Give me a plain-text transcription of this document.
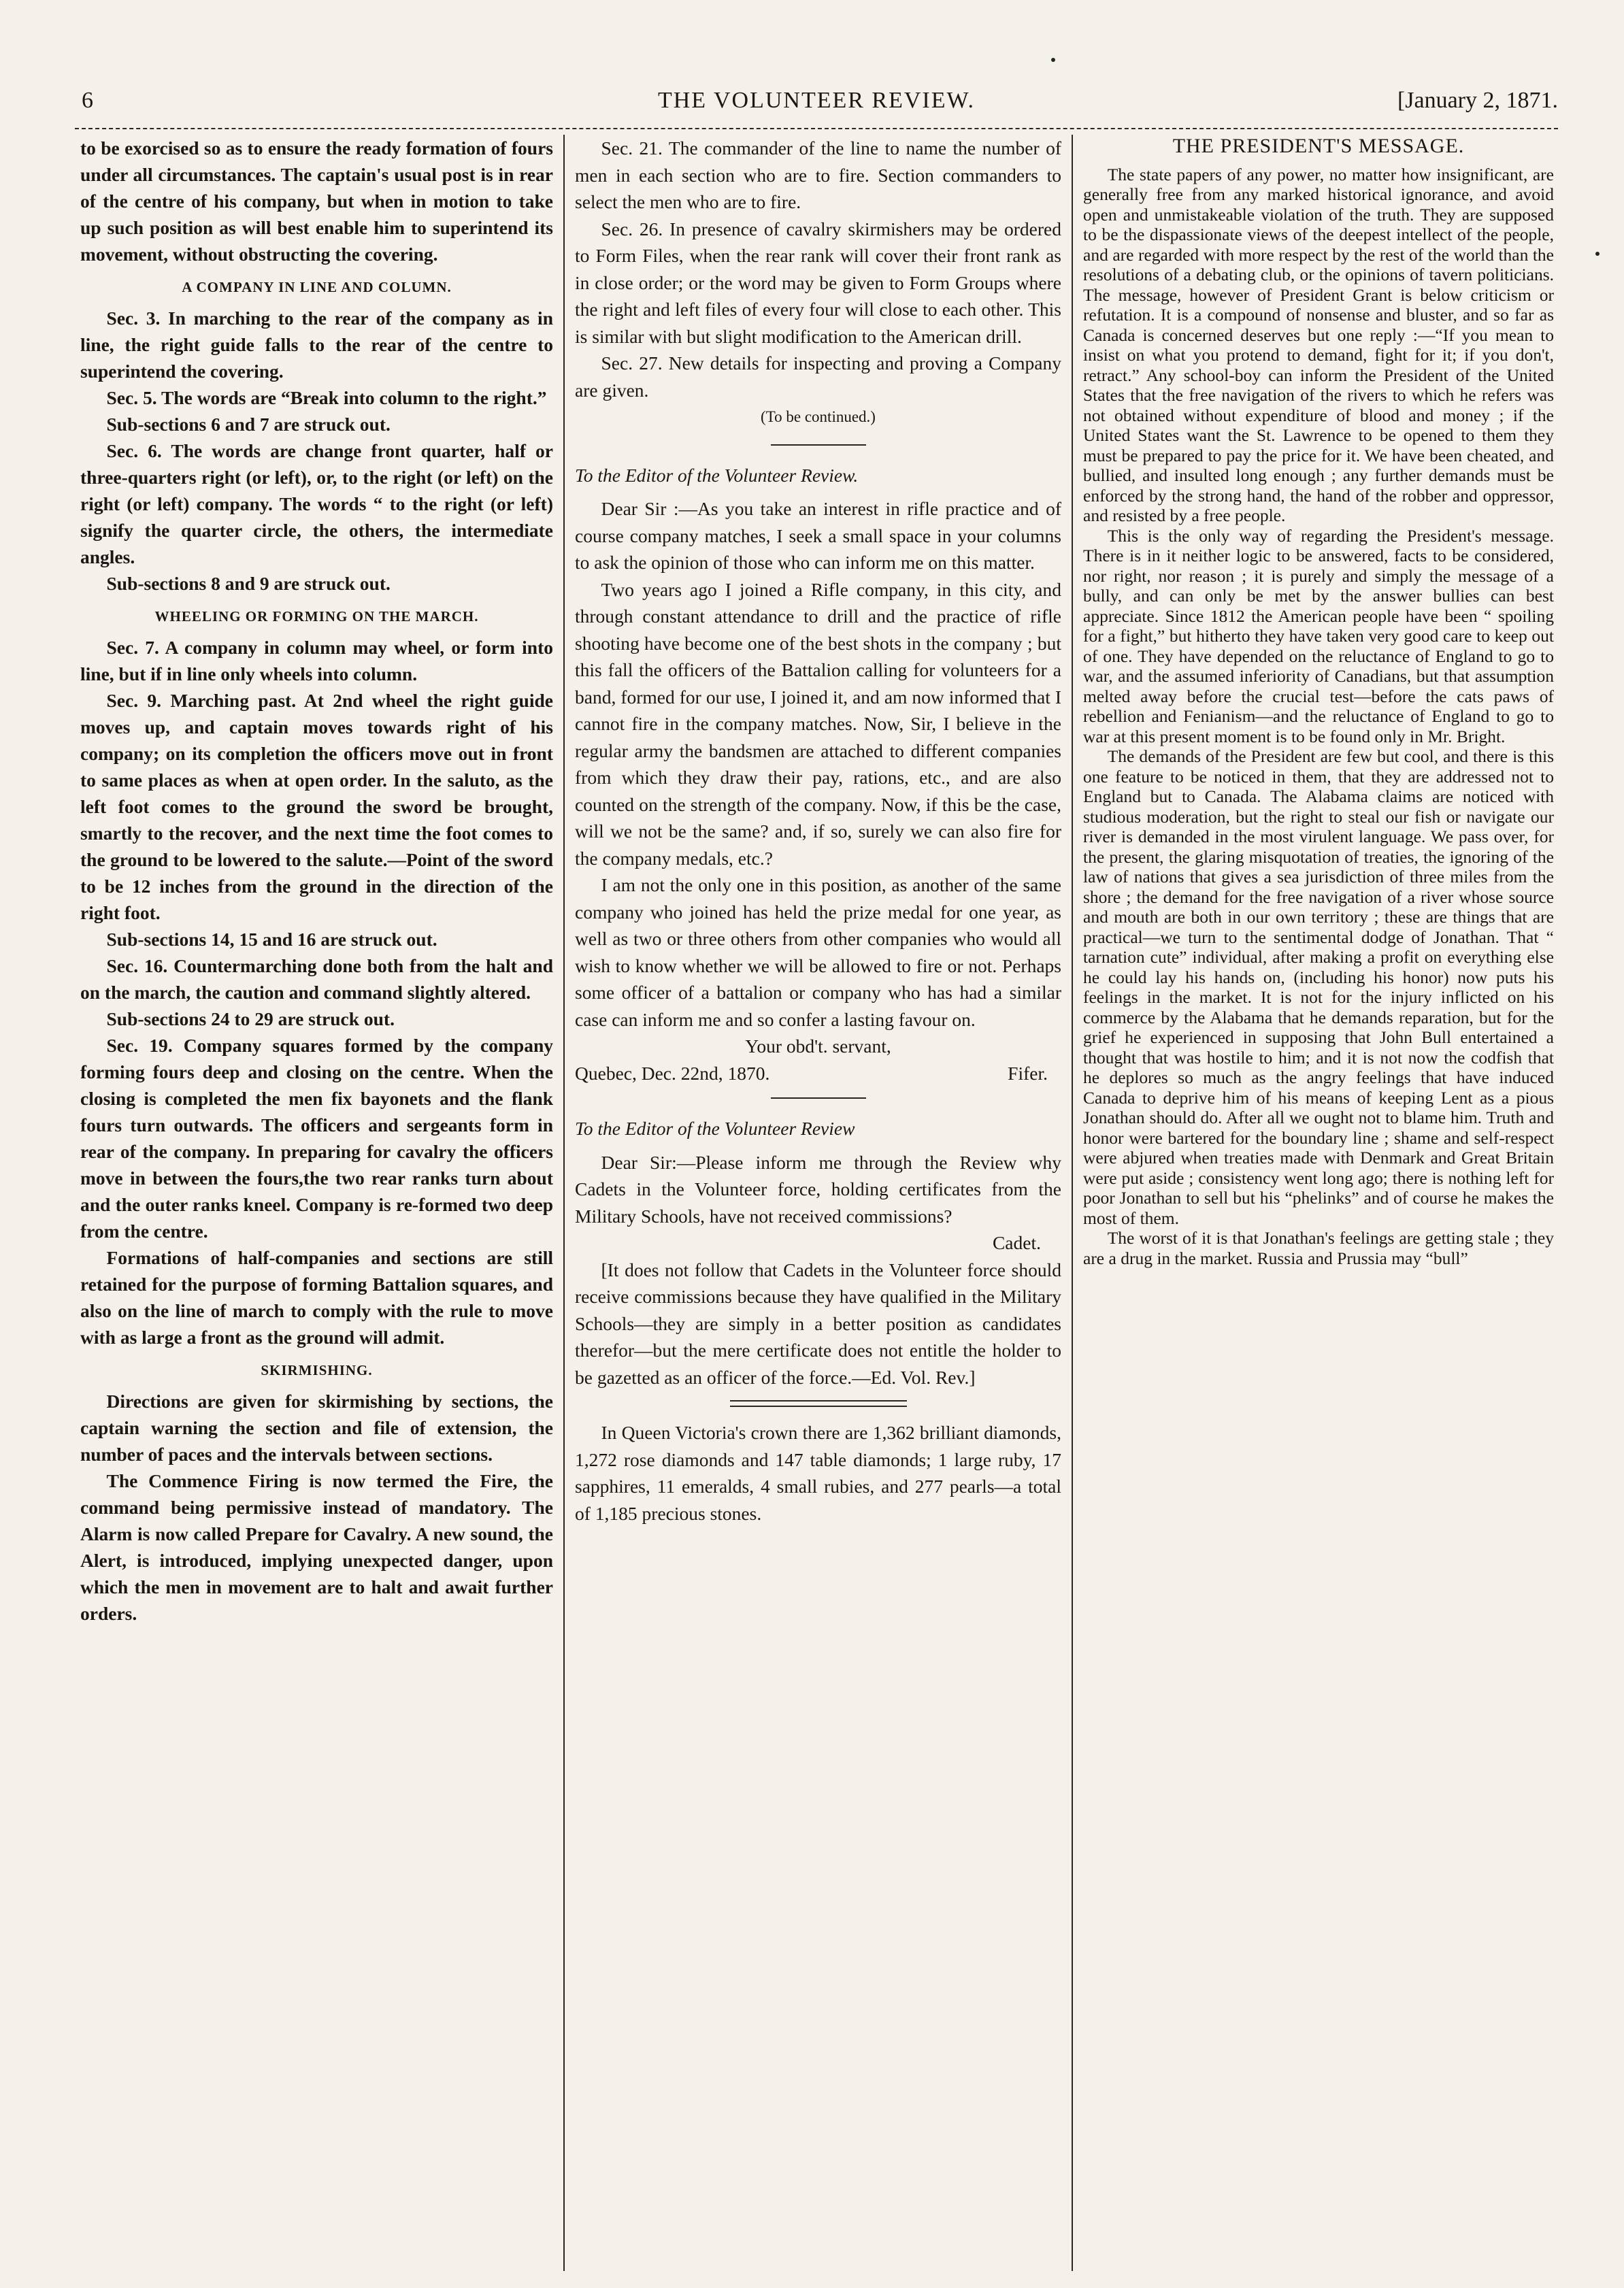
6	THE VOLUNTEER REVIEW.	[January 2, 1871.

to be exorcised so as to ensure the ready formation of fours under all circumstances. The captain's usual post is in rear of the centre of his company, but when in motion to take up such position as will best enable him to superintend its movement, without obstructing the covering.

A COMPANY IN LINE AND COLUMN.

Sec. 3. In marching to the rear of the company as in line, the right guide falls to the rear of the centre to superintend the covering.

Sec. 5. The words are “Break into column to the right.”

Sub-sections 6 and 7 are struck out.

Sec. 6. The words are change front quarter, half or three-quarters right (or left), or, to the right (or left) on the right (or left) company. The words “ to the right (or left) signify the quarter circle, the others, the intermediate angles.

Sub-sections 8 and 9 are struck out.

WHEELING OR FORMING ON THE MARCH.

Sec. 7. A company in column may wheel, or form into line, but if in line only wheels into column.

Sec. 9. Marching past. At 2nd wheel the right guide moves up, and captain moves towards right of his company; on its completion the officers move out in front to same places as when at open order. In the saluto, as the left foot comes to the ground the sword be brought, smartly to the recover, and the next time the foot comes to the ground to be lowered to the salute.—Point of the sword to be 12 inches from the ground in the direction of the right foot.

Sub-sections 14, 15 and 16 are struck out.

Sec. 16. Countermarching done both from the halt and on the march, the caution and command slightly altered.

Sub-sections 24 to 29 are struck out.

Sec. 19. Company squares formed by the company forming fours deep and closing on the centre. When the closing is completed the men fix bayonets and the flank fours turn outwards. The officers and sergeants form in rear of the company. In preparing for cavalry the officers move in between the fours,the two rear ranks turn about and the outer ranks kneel. Company is re-formed two deep from the centre.

Formations of half-companies and sections are still retained for the purpose of forming Battalion squares, and also on the line of march to comply with the rule to move with as large a front as the ground will admit.

SKIRMISHING.

Directions are given for skirmishing by sections, the captain warning the section and file of extension, the number of paces and the intervals between sections.

The Commence Firing is now termed the Fire, the command being permissive instead of mandatory. The Alarm is now called Prepare for Cavalry. A new sound, the Alert, is introduced, implying unexpected danger, upon which the men in movement are to halt and await further orders.

Sec. 21. The commander of the line to name the number of men in each section who are to fire. Section commanders to select the men who are to fire.

Sec. 26. In presence of cavalry skirmishers may be ordered to Form Files, when the rear rank will cover their front rank as in close order; or the word may be given to Form Groups where the right and left files of every four will close to each other. This is similar with but slight modification to the American drill.

Sec. 27. New details for inspecting and proving a Company are given.

(To be continued.)

To the Editor of the Volunteer Review.

Dear Sir :—As you take an interest in rifle practice and of course company matches, I seek a small space in your columns to ask the opinion of those who can inform me on this matter.

Two years ago I joined a Rifle company, in this city, and through constant attendance to drill and the practice of rifle shooting have become one of the best shots in the company ; but this fall the officers of the Battalion calling for volunteers for a band, formed for our use, I joined it, and am now informed that I cannot fire in the company matches. Now, Sir, I believe in the regular army the bandsmen are attached to different companies from which they draw their pay, rations, etc., and are also counted on the strength of the company. Now, if this be the case, will we not be the same? and, if so, surely we can also fire for the company medals, etc.?

I am not the only one in this position, as another of the same company who joined has held the prize medal for one year, as well as two or three others from other companies who would all wish to know whether we will be allowed to fire or not. Perhaps some officer of a battalion or company who has had a similar case can inform me and so confer a lasting favour on.

Your obd't. servant,

Quebec, Dec. 22nd, 1870.	Fifer.

To the Editor of the Volunteer Review

Dear Sir:—Please inform me through the Review why Cadets in the Volunteer force, holding certificates from the Military Schools, have not received commissions?

Cadet.

[It does not follow that Cadets in the Volunteer force should receive commissions because they have qualified in the Military Schools—they are simply in a better position as candidates therefor—but the mere certificate does not entitle the holder to be gazetted as an officer of the force.—Ed. Vol. Rev.]

In Queen Victoria's crown there are 1,362 brilliant diamonds, 1,272 rose diamonds and 147 table diamonds; 1 large ruby, 17 sapphires, 11 emeralds, 4 small rubies, and 277 pearls—a total of 1,185 precious stones.

THE PRESIDENT'S MESSAGE.

The state papers of any power, no matter how insignificant, are generally free from any marked historical ignorance, and avoid open and unmistakeable violation of the truth. They are supposed to be the dispassionate views of the deepest intellect of the people, and are regarded with more respect by the rest of the world than the resolutions of a debating club, or the opinions of tavern politicians. The message, however of President Grant is below criticism or refutation. It is a compound of nonsense and bluster, and so far as Canada is concerned deserves but one reply :—“If you mean to insist on what you protend to demand, fight for it; if you don't, retract.” Any school-boy can inform the President of the United States that the free navigation of the rivers to which he refers was not obtained without expenditure of blood and money ; if the United States want the St. Lawrence to be opened to them they must be prepared to pay the price for it. We have been cheated, and bullied, and insulted long enough ; any further demands must be enforced by the strong hand, the hand of the robber and oppressor, and resisted by a free people.

This is the only way of regarding the President's message. There is in it neither logic to be answered, facts to be considered, nor right, nor reason ; it is purely and simply the message of a bully, and can only be met by the answer bullies can best appreciate. Since 1812 the American people have been “ spoiling for a fight,” but hitherto they have taken very good care to keep out of one. They have depended on the reluctance of England to go to war, and the assumed inferiority of Canadians, but that assumption melted away before the crucial test—before the cats paws of rebellion and Fenianism—and the reluctance of England to go to war at this present moment is to be found only in Mr. Bright.

The demands of the President are few but cool, and there is this one feature to be noticed in them, that they are addressed not to England but to Canada. The Alabama claims are noticed with studious moderation, but the right to steal our fish or navigate our river is demanded in the most virulent language. We pass over, for the present, the glaring misquotation of treaties, the ignoring of the law of nations that gives a sea jurisdiction of three miles from the shore ; the demand for the free navigation of a river whose source and mouth are both in our own territory ; these are things that are practical—we turn to the sentimental dodge of Jonathan. That “ tarnation cute” individual, after making a profit on everything else he could lay his hands on, (including his honor) now puts his feelings in the market. It is not for the injury inflicted on his commerce by the Alabama that he demands reparation, but for the grief he experienced in supposing that John Bull entertained a thought that was hostile to him; and it is not now the codfish that he deplores so much as the angry feelings that have induced Canada to deprive him of his means of keeping Lent as a pious Jonathan should do. After all we ought not to blame him. Truth and honor were bartered for the boundary line ; shame and self-respect were abjured when treaties made with Denmark and Great Britain were put aside ; consistency went long ago; there is nothing left for poor Jonathan to sell but his “phelinks” and of course he makes the most of them.

The worst of it is that Jonathan's feelings are getting stale ; they are a drug in the market. Russia and Prussia may “bull”
